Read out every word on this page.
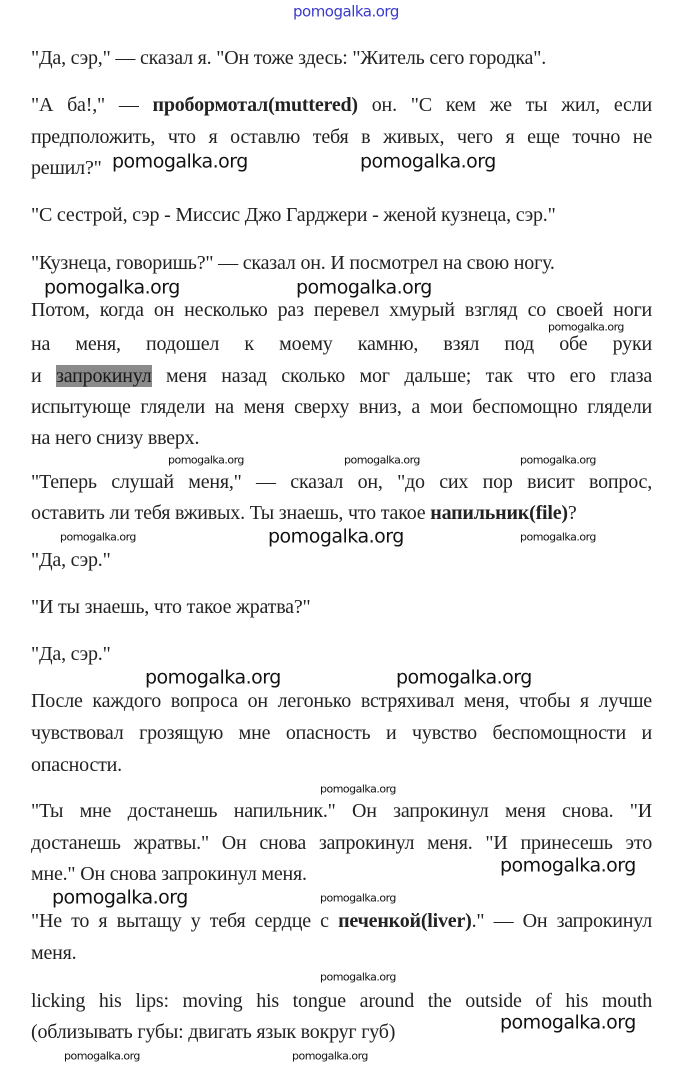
pomogalka.org
"Да, сэр," — сказал я. "Он тоже здесь: "Житель сего городка".
"А ба!," — пробормотал(muttered) он. "С кем же ты жил, если
предположить, что я оставлю тебя в живых, чего я еще точно не
решил?"
"С сестрой, сэр - Миссис Джо Гарджери - женой кузнеца, сэр."
"Кузнеца, говоришь?" — сказал он. И посмотрел на свою ногу.
Потом, когда он несколько раз перевел хмурый взгляд со своей ноги
на меня, подошел к моему камню, взял под обе руки
и запрокинул меня назад сколько мог дальше; так что его глаза
испытующе глядели на меня сверху вниз, а мои беспомощно глядели
на него снизу вверх.
"Теперь слушай меня," — сказал он, "до сих пор висит вопрос,
оставить ли тебя вживых. Ты знаешь, что такое напильник(file)?
"Да, сэр."
"И ты знаешь, что такое жратва?"
"Да, сэр."
После каждого вопроса он легонько встряхивал меня, чтобы я лучше
чувствовал грозящую мне опасность и чувство беспомощности и
опасности.
"Ты мне достанешь напильник." Он запрокинул меня снова. "И
достанешь жратвы." Он снова запрокинул меня. "И принесешь это
мне." Он снова запрокинул меня.
"Не то я вытащу у тебя сердце с печенкой(liver)." — Он запрокинул
меня.
licking his lips: moving his tongue around the outside of his mouth
(облизывать губы: двигать язык вокруг губ)
pomogalka.org	pomogalka.org
pomogalka.org	pomogalka.org
pomogalka.org
pomogalka.org	pomogalka.org	pomogalka.org
pomogalka.org	pomogalka.org	pomogalka.org
pomogalka.org	pomogalka.org
pomogalka.org
pomogalka.org
pomogalka.org
pomogalka.org
pomogalka.org
pomogalka.org	pomogalka.org
pomogalka.org
